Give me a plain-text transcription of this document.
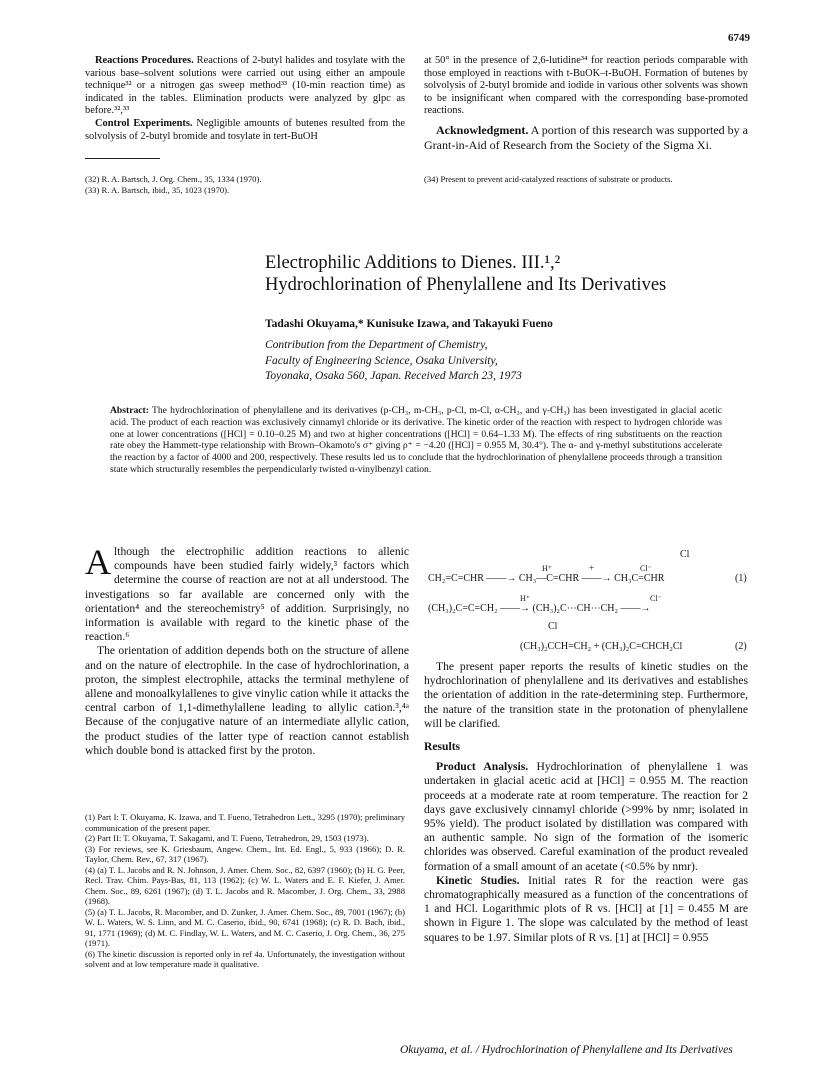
6749

Reactions Procedures. Reactions of 2-butyl halides and tosylate with the various base–solvent solutions were carried out using either an ampoule technique³² or a nitrogen gas sweep method³³ (10-min reaction time) as indicated in the tables. Elimination products were analyzed by glpc as before.³²,³³

Control Experiments. Negligible amounts of butenes resulted from the solvolysis of 2-butyl bromide and tosylate in tert-BuOH

(32) R. A. Bartsch, J. Org. Chem., 35, 1334 (1970).
(33) R. A. Bartsch, ibid., 35, 1023 (1970).

at 50° in the presence of 2,6-lutidine³⁴ for reaction periods comparable with those employed in reactions with t-BuOK–t-BuOH. Formation of butenes by solvolysis of 2-butyl bromide and iodide in various other solvents was shown to be insignificant when compared with the corresponding base-promoted reactions.

Acknowledgment. A portion of this research was supported by a Grant-in-Aid of Research from the Society of the Sigma Xi.

(34) Present to prevent acid-catalyzed reactions of substrate or products.
Electrophilic Additions to Dienes. III.¹,²
Hydrochlorination of Phenylallene and Its Derivatives
Tadashi Okuyama,* Kunisuke Izawa, and Takayuki Fueno
Contribution from the Department of Chemistry,
Faculty of Engineering Science, Osaka University,
Toyonaka, Osaka 560, Japan. Received March 23, 1973
Abstract: The hydrochlorination of phenylallene and its derivatives (p-CH₃, m-CH₃, p-Cl, m-Cl, α-CH₃, and γ-CH₃) has been investigated in glacial acetic acid. The product of each reaction was exclusively cinnamyl chloride or its derivative. The kinetic order of the reaction with respect to hydrogen chloride was one at lower concentrations ([HCl] = 0.10–0.25 M) and two at higher concentrations ([HCl] = 0.64–1.33 M). The effects of ring substituents on the reaction rate obey the Hammett-type relationship with Brown–Okamoto's σ⁺ giving ρ⁺ = −4.20 ([HCl] = 0.955 M, 30.4°). The α- and γ-methyl substitutions accelerate the reaction by a factor of 4000 and 200, respectively. These results led us to conclude that the hydrochlorination of phenylallene proceeds through a transition state which structurally resembles the perpendicularly twisted α-vinylbenzyl cation.

Although the electrophilic addition reactions to allenic compounds have been studied fairly widely,³ factors which determine the course of reaction are not at all understood. The investigations so far available are concerned only with the orientation⁴ and the stereochemistry⁵ of addition. Surprisingly, no information is available with regard to the kinetic phase of the reaction.⁶

The orientation of addition depends both on the structure of allene and on the nature of electrophile. In the case of hydrochlorination, a proton, the simplest electrophile, attacks the terminal methylene of allene and monoalkylallenes to give vinylic cation while it attacks the central carbon of 1,1-dimethylallene leading to allylic cation.³,⁴ᵃ Because of the conjugative nature of an intermediate allylic cation, the product studies of the latter type of reaction cannot establish which double bond is attacked first by the proton.

(1) Part I: T. Okuyama, K. Izawa, and T. Fueno, Tetrahedron Lett., 3295 (1970); preliminary communication of the present paper.
(2) Part II: T. Okuyama, T. Sakagami, and T. Fueno, Tetrahedron, 29, 1503 (1973).
(3) For reviews, see K. Griesbaum, Angew. Chem., Int. Ed. Engl., 5, 933 (1966); D. R. Taylor, Chem. Rev., 67, 317 (1967).
(4) (a) T. L. Jacobs and R. N. Johnson, J. Amer. Chem. Soc., 82, 6397 (1960); (b) H. G. Peer, Recl. Trav. Chim. Pays-Bas, 81, 113 (1962); (c) W. L. Waters and E. F. Kiefer, J. Amer. Chem. Soc., 89, 6261 (1967); (d) T. L. Jacobs and R. Macomber, J. Org. Chem., 33, 2988 (1968).
(5) (a) T. L. Jacobs, R. Macomber, and D. Zunker, J. Amer. Chem. Soc., 89, 7001 (1967); (b) W. L. Waters, W. S. Linn, and M. C. Caserio, ibid., 90, 6741 (1968); (c) R. D. Bach, ibid., 91, 1771 (1969); (d) M. C. Findlay, W. L. Waters, and M. C. Caserio, J. Org. Chem., 36, 275 (1971).
(6) The kinetic discussion is reported only in ref 4a. Unfortunately, the investigation without solvent and at low temperature made it qualitative.
Cl
H⁺	+	Cl⁻
CH₂=C=CHR ——→ CH₃—C=CHR ——→ CH₃C=CHR	(1)
H⁺	Cl⁻
(CH₃)₂C=C=CH₂ ——→ (CH₃)₂C⋯CH⋯CH₂ ——→
Cl
(CH₃)₂CCH=CH₂ + (CH₃)₂C=CHCH₂Cl	(2)

The present paper reports the results of kinetic studies on the hydrochlorination of phenylallene and its derivatives and establishes the orientation of addition in the rate-determining step. Furthermore, the nature of the transition state in the protonation of phenylallene will be clarified.

Results

Product Analysis. Hydrochlorination of phenylallene 1 was undertaken in glacial acetic acid at [HCl] = 0.955 M. The reaction proceeds at a moderate rate at room temperature. The reaction for 2 days gave exclusively cinnamyl chloride (>99% by nmr; isolated in 95% yield). The product isolated by distillation was compared with an authentic sample. No sign of the formation of the isomeric chlorides was observed. Careful examination of the product revealed formation of a small amount of an acetate (<0.5% by nmr).

Kinetic Studies. Initial rates R for the reaction were gas chromatographically measured as a function of the concentrations of 1 and HCl. Logarithmic plots of R vs. [HCl] at [1] = 0.455 M are shown in Figure 1. The slope was calculated by the method of least squares to be 1.97. Similar plots of R vs. [1] at [HCl] = 0.955

Okuyama, et al. / Hydrochlorination of Phenylallene and Its Derivatives
